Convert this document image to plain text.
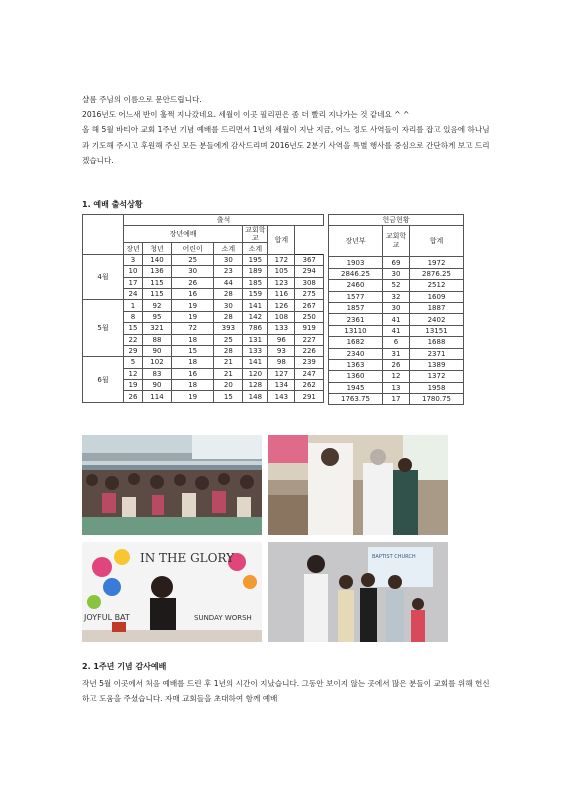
샬롬 주님의 이름으로 문안드립니다.

2016년도 어느새 반이 훌쩍 지나갔네요. 세월이 이곳 필리핀은 좀 더 빨리 지나가는 것 같네요 ^ ^

올 해 5월 바티아 교회 1주년 기념 예배를 드리면서 1년의 세월이 지난 지금, 어느 정도 사역들이 자리를 잡고 있음에 하나님과 기도해 주시고 후원해 주신 모든 분들에게 감사드리며 2016년도 2분기 사역을 특별 행사를 중심으로 간단하게 보고 드리겠습니다.

1. 예배 출석상황
	출석						
	장년예배				교회학교	합계	
	장년	청년	어린이	소계	소계		
4월	3	140	25	30	195	172	367
	10	136	30	23	189	105	294
	17	115	26	44	185	123	308
	24	115	16	28	159	116	275
5월	1	92	19	30	141	126	267
	8	95	19	28	142	108	250
	15	321	72	393	786	133	919
	22	88	18	25	131	96	227
	29	90	15	28	133	93	226
6월	5	102	18	21	141	98	239
	12	83	16	21	120	127	247
	19	90	18	20	128	134	262
	26	114	19	15	148	143	291
헌금현황		
장년부	교회학교	합계
1903	69	1972
2846.25	30	2876.25
2460	52	2512
1577	32	1609
1857	30	1887
2361	41	2402
13110	41	13151
1682	6	1688
2340	31	2371
1363	26	1389
1360	12	1372
1945	13	1958
1763.75	17	1780.75
IN THE GLORY
JOYFUL BAT	SUNDAY WORSH
BAPTIST CHURCH
2. 1주년 기념 감사예배

작년 5월 이곳에서 처음 예배를 드린 후 1년의 시간이 지났습니다. 그동안 보이지 않는 곳에서 많은 분들이 교회를 위해 헌신하고 도움을 주셨습니다. 자매 교회들을 초대하여 함께 예배
